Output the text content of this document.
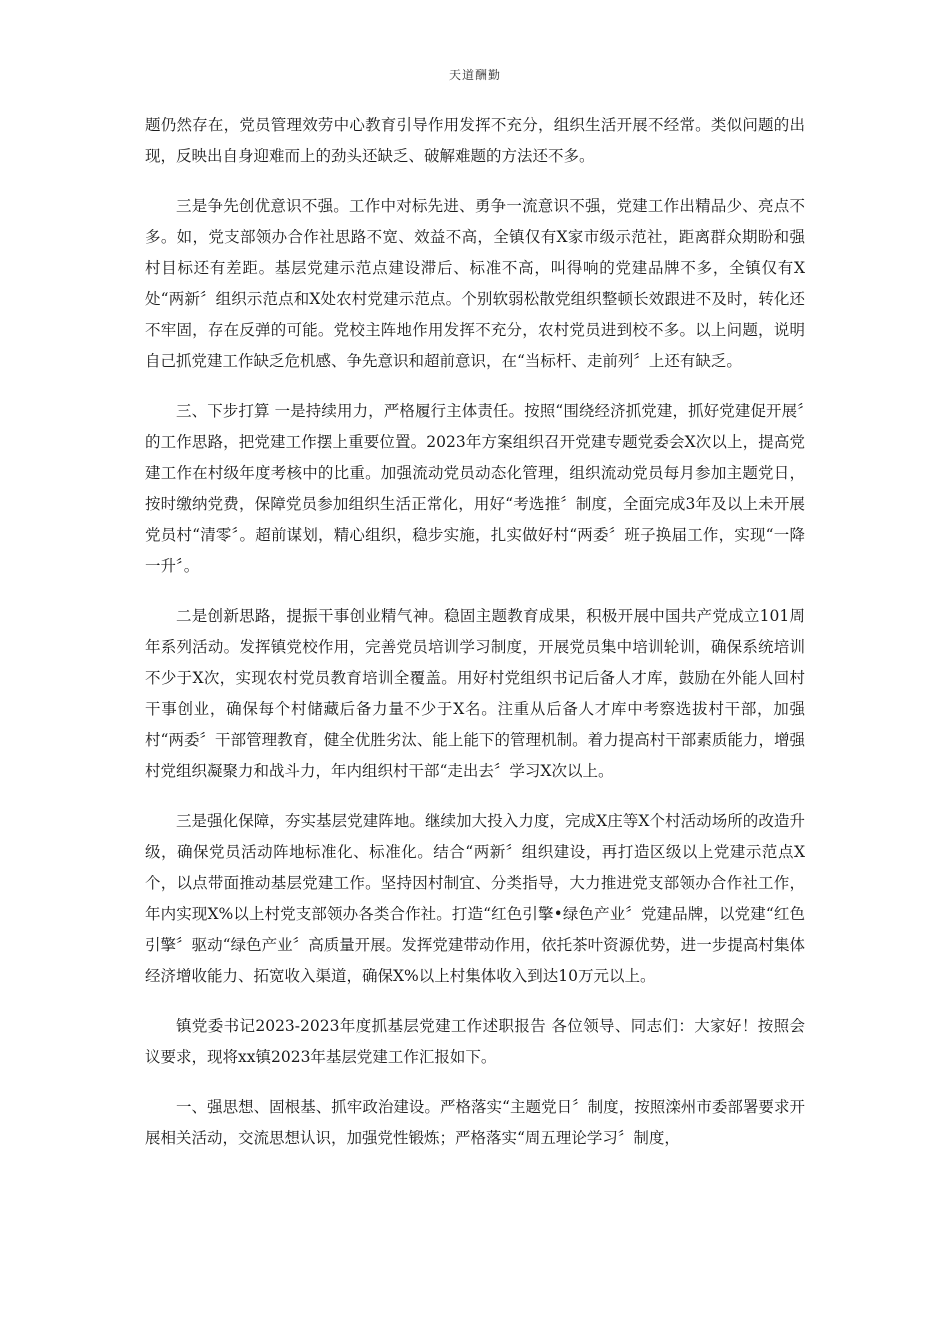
天道酬勤

题仍然存在，党员管理效劳中心教育引导作用发挥不充分，组织生活开展不经常。类似问题的出现，反映出自身迎难而上的劲头还缺乏、破解难题的方法还不多。

三是争先创优意识不强。工作中对标先进、勇争一流意识不强，党建工作出精品少、亮点不多。如，党支部领办合作社思路不宽、效益不高，全镇仅有X家市级示范社，距离群众期盼和强村目标还有差距。基层党建示范点建设滞后、标准不高，叫得响的党建品牌不多，全镇仅有X处“两新〞组织示范点和X处农村党建示范点。个别软弱松散党组织整顿长效跟进不及时，转化还不牢固，存在反弹的可能。党校主阵地作用发挥不充分，农村党员进到校不多。以上问题，说明自己抓党建工作缺乏危机感、争先意识和超前意识，在“当标杆、走前列〞上还有缺乏。

三、下步打算 一是持续用力，严格履行主体责任。按照“围绕经济抓党建，抓好党建促开展〞的工作思路，把党建工作摆上重要位置。2023年方案组织召开党建专题党委会X次以上，提高党建工作在村级年度考核中的比重。加强流动党员动态化管理，组织流动党员每月参加主题党日，按时缴纳党费，保障党员参加组织生活正常化，用好“考选推〞制度，全面完成3年及以上未开展党员村“清零〞。超前谋划，精心组织，稳步实施，扎实做好村“两委〞班子换届工作，实现“一降一升〞。

二是创新思路，提振干事创业精气神。稳固主题教育成果，积极开展中国共产党成立101周年系列活动。发挥镇党校作用，完善党员培训学习制度，开展党员集中培训轮训，确保系统培训不少于X次，实现农村党员教育培训全覆盖。用好村党组织书记后备人才库，鼓励在外能人回村干事创业，确保每个村储藏后备力量不少于X名。注重从后备人才库中考察选拔村干部，加强村“两委〞干部管理教育，健全优胜劣汰、能上能下的管理机制。着力提高村干部素质能力，增强村党组织凝聚力和战斗力，年内组织村干部“走出去〞学习X次以上。

三是强化保障，夯实基层党建阵地。继续加大投入力度，完成X庄等X个村活动场所的改造升级，确保党员活动阵地标准化、标准化。结合“两新〞组织建设，再打造区级以上党建示范点X个，以点带面推动基层党建工作。坚持因村制宜、分类指导，大力推进党支部领办合作社工作，年内实现X%以上村党支部领办各类合作社。打造“红色引擎•绿色产业〞党建品牌，以党建“红色引擎〞驱动“绿色产业〞高质量开展。发挥党建带动作用，依托茶叶资源优势，进一步提高村集体经济增收能力、拓宽收入渠道，确保X%以上村集体收入到达10万元以上。

镇党委书记2023-2023年度抓基层党建工作述职报告 各位领导、同志们：大家好！按照会议要求，现将xx镇2023年基层党建工作汇报如下。

一、强思想、固根基、抓牢政治建设。严格落实“主题党日〞制度，按照滦州市委部署要求开展相关活动，交流思想认识，加强党性锻炼；严格落实“周五理论学习〞制度，
